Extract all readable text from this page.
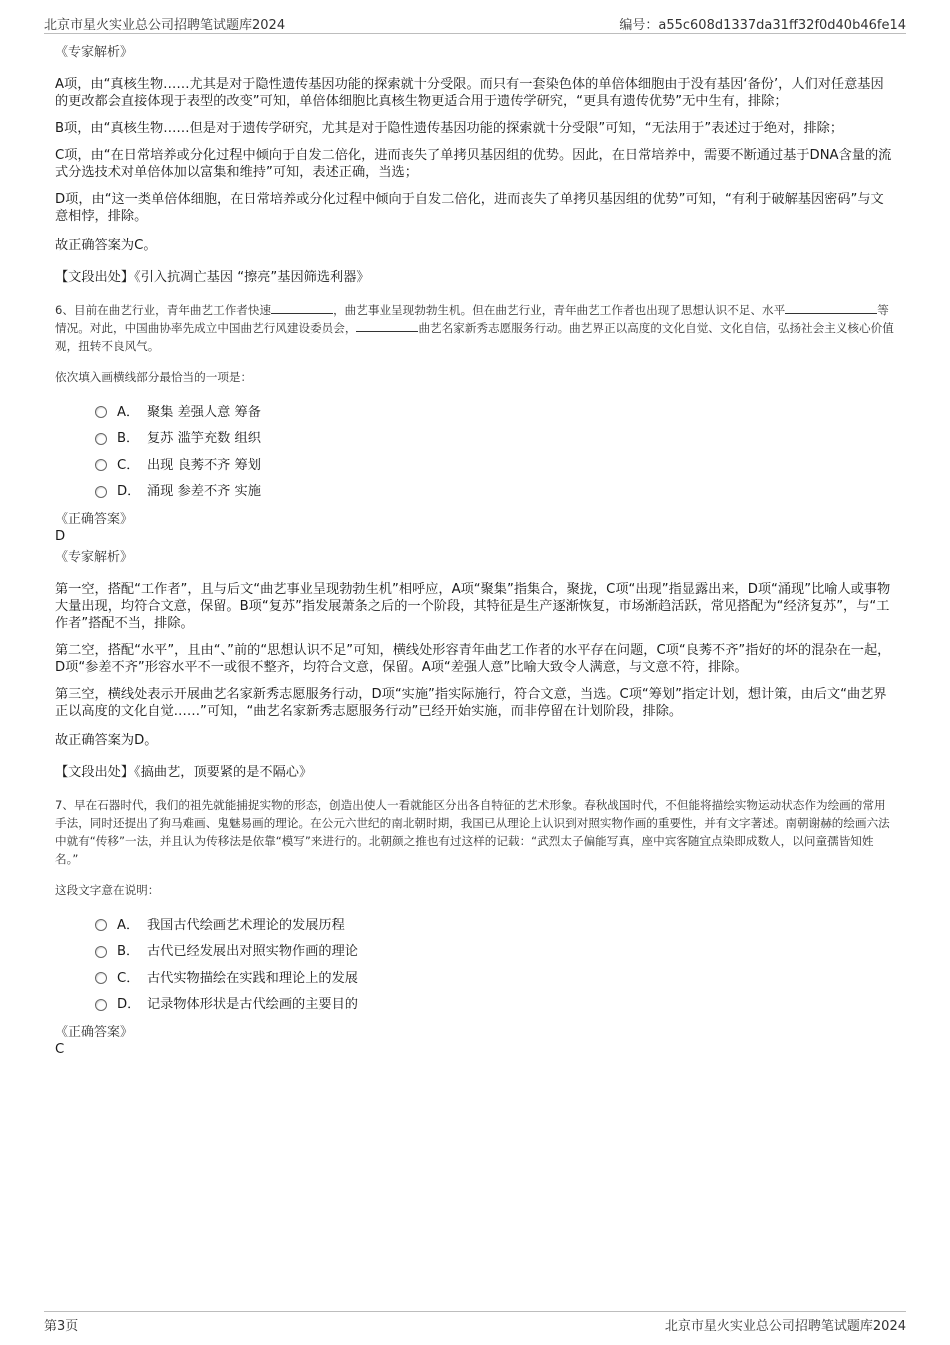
北京市星火实业总公司招聘笔试题库2024	编号：a55c608d1337da31ff32f0d40b46fe14
《专家解析》

A项，由“真核生物……尤其是对于隐性遗传基因功能的探索就十分受限。而只有一套染色体的单倍体细胞由于没有基因‘备份’，人们对任意基因的更改都会直接体现于表型的改变”可知，单倍体细胞比真核生物更适合用于遗传学研究，“更具有遗传优势”无中生有，排除；

B项，由“真核生物……但是对于遗传学研究，尤其是对于隐性遗传基因功能的探索就十分受限”可知，“无法用于”表述过于绝对，排除；

C项，由“在日常培养或分化过程中倾向于自发二倍化，进而丧失了单拷贝基因组的优势。因此，在日常培养中，需要不断通过基于DNA含量的流式分选技术对单倍体加以富集和维持”可知，表述正确，当选；

D项，由“这一类单倍体细胞，在日常培养或分化过程中倾向于自发二倍化，进而丧失了单拷贝基因组的优势”可知，“有利于破解基因密码”与文意相悖，排除。

故正确答案为C。

【文段出处】《引入抗凋亡基因 “擦亮”基因筛选利器》

6、目前在曲艺行业，青年曲艺工作者快速	，曲艺事业呈现勃勃生机。但在曲艺行业，青年曲艺工作者也出现了思想认识不足、水平	等情况。对此，中国曲协率先成立中国曲艺行风建设委员会，	曲艺名家新秀志愿服务行动。曲艺界正以高度的文化自觉、文化自信，弘扬社会主义核心价值观，扭转不良风气。
依次填入画横线部分最恰当的一项是：
A． 聚集 差强人意 筹备
B． 复苏 滥竽充数 组织
C． 出现 良莠不齐 筹划
D． 涌现 参差不齐 实施
《正确答案》
D
《专家解析》

第一空，搭配“工作者”，且与后文“曲艺事业呈现勃勃生机”相呼应，A项“聚集”指集合，聚拢，C项“出现”指显露出来，D项“涌现”比喻人或事物大量出现，均符合文意，保留。B项“复苏”指发展萧条之后的一个阶段，其特征是生产逐渐恢复，市场渐趋活跃，常见搭配为“经济复苏”，与“工作者”搭配不当，排除。

第二空，搭配“水平”，且由“、”前的“思想认识不足”可知，横线处形容青年曲艺工作者的水平存在问题，C项“良莠不齐”指好的坏的混杂在一起，D项“参差不齐”形容水平不一或很不整齐，均符合文意，保留。A项“差强人意”比喻大致令人满意，与文意不符，排除。

第三空，横线处表示开展曲艺名家新秀志愿服务行动，D项“实施”指实际施行，符合文意，当选。C项“筹划”指定计划，想计策，由后文“曲艺界正以高度的文化自觉……”可知，“曲艺名家新秀志愿服务行动”已经开始实施，而非停留在计划阶段，排除。

故正确答案为D。

【文段出处】《搞曲艺，顶要紧的是不隔心》

7、早在石器时代，我们的祖先就能捕捉实物的形态，创造出使人一看就能区分出各自特征的艺术形象。春秋战国时代，不但能将描绘实物运动状态作为绘画的常用手法，同时还提出了狗马难画、鬼魅易画的理论。在公元六世纪的南北朝时期，我国已从理论上认识到对照实物作画的重要性，并有文字著述。南朝谢赫的绘画六法中就有“传移”一法，并且认为传移法是依靠“模写”来进行的。北朝颜之推也有过这样的记载：“武烈太子偏能写真，座中宾客随宜点染即成数人，以问童孺皆知姓名。”
这段文字意在说明：
A． 我国古代绘画艺术理论的发展历程
B． 古代已经发展出对照实物作画的理论
C． 古代实物描绘在实践和理论上的发展
D． 记录物体形状是古代绘画的主要目的
《正确答案》
C
第3页	北京市星火实业总公司招聘笔试题库2024
